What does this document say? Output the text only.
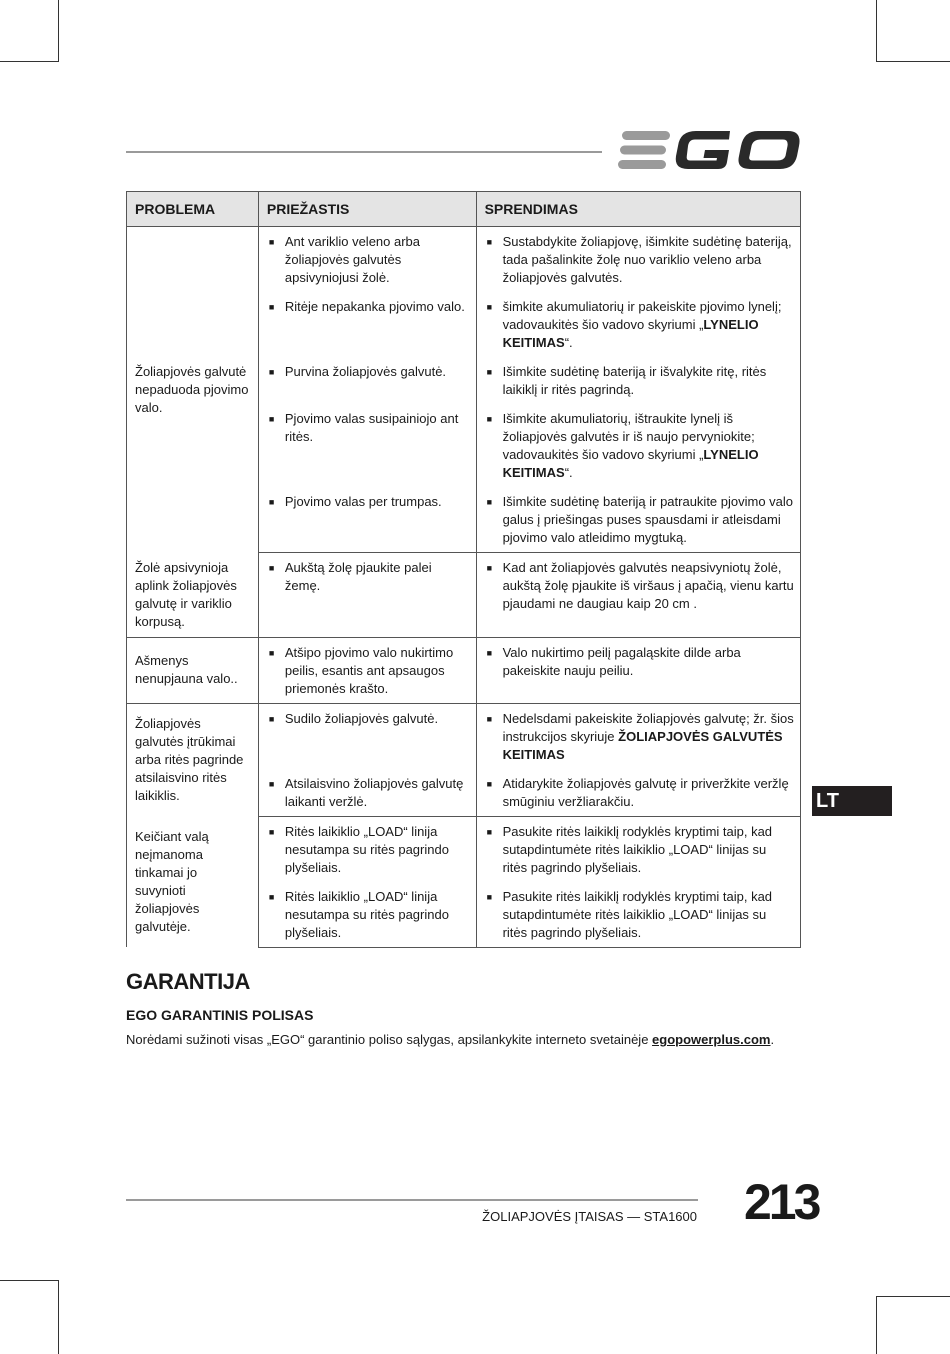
PROBLEMA	PRIEŽASTIS	SPRENDIMAS
Žoliapjovės galvutė nepaduoda pjovimo valo.	■ Ant variklio veleno arba žoliapjovės galvutės apsivyniojusi žolė.	■ Sustabdykite žoliapjovę, išimkite sudėtinę bateriją, tada pašalinkite žolę nuo variklio veleno arba žoliapjovės galvutės.

	■ Ritėje nepakanka pjovimo valo.	■ šimkite akumuliatorių ir pakeiskite pjovimo lynelį; vadovaukitės šio vadovo skyriumi „LYNELIO KEITIMAS“.

	■ Purvina žoliapjovės galvutė.	■ Išimkite sudėtinę bateriją ir išvalykite ritę, ritės laikiklį ir ritės pagrindą.

	■ Pjovimo valas susipainiojo ant ritės.	■ Išimkite akumuliatorių, ištraukite lynelį iš žoliapjovės galvutės ir iš naujo pervyniokite; vadovaukitės šio vadovo skyriumi „LYNELIO KEITIMAS“.

	■ Pjovimo valas per trumpas.	■ Išimkite sudėtinę bateriją ir patraukite pjovimo valo galus į priešingas puses spausdami ir atleisdami pjovimo valo atleidimo mygtuką.

Žolė apsivynioja aplink žoliapjovės galvutę ir variklio korpusą.	■ Aukštą žolę pjaukite palei žemę.	■ Kad ant žoliapjovės galvutės neapsivyniotų žolė, aukštą žolę pjaukite iš viršaus į apačią, vienu kartu pjaudami ne daugiau kaip 20 cm .

Ašmenys nenupjauna valo..	■ Atšipo pjovimo valo nukirtimo peilis, esantis ant apsaugos priemonės krašto.	■ Valo nukirtimo peilį pagaląskite dilde arba pakeiskite nauju peiliu.

Žoliapjovės galvutės įtrūkimai arba ritės pagrinde atsilaisvino ritės laikiklis.	■ Sudilo žoliapjovės galvutė.	■ Nedelsdami pakeiskite žoliapjovės galvutę; žr. šios instrukcijos skyriuje ŽOLIAPJOVĖS GALVUTĖS KEITIMAS

	■ Atsilaisvino žoliapjovės galvutę laikanti veržlė.	■ Atidarykite žoliapjovės galvutę ir priveržkite veržlę smūginiu veržliarakčiu.

Keičiant valą neįmanoma tinkamai jo suvynioti žoliapjovės galvutėje.	■ Ritės laikiklio „LOAD“ linija nesutampa su ritės pagrindo plyšeliais.	■ Pasukite ritės laikiklį rodyklės kryptimi taip, kad sutapdintumėte ritės laikiklio „LOAD“ linijas su ritės pagrindo plyšeliais.

	■ Ritės laikiklio „LOAD“ linija nesutampa su ritės pagrindo plyšeliais.	■ Pasukite ritės laikiklį rodyklės kryptimi taip, kad sutapdintumėte ritės laikiklio „LOAD“ linijas su ritės pagrindo plyšeliais.
LT
GARANTIJA
EGO GARANTINIS POLISAS
Norėdami sužinoti visas „EGO“ garantinio poliso sąlygas, apsilankykite interneto svetainėje egopowerplus.com.
ŽOLIAPJOVĖS ĮTAISAS — STA1600 213
